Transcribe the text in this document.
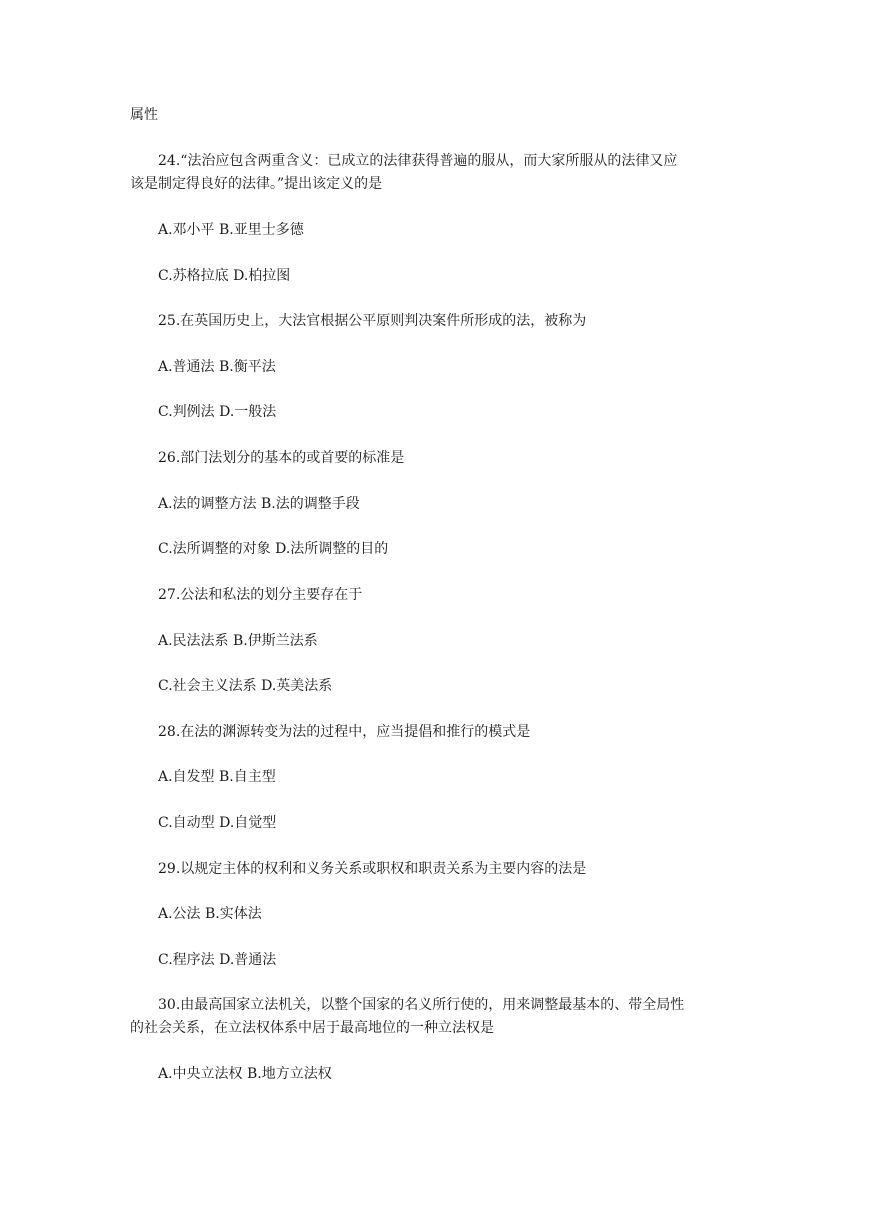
属性
24.“法治应包含两重含义：已成立的法律获得普遍的服从，而大家所服从的法律又应
该是制定得良好的法律。”提出该定义的是
A.邓小平 B.亚里士多德
C.苏格拉底 D.柏拉图
25.在英国历史上，大法官根据公平原则判决案件所形成的法，被称为
A.普通法 B.衡平法
C.判例法 D.一般法
26.部门法划分的基本的或首要的标准是
A.法的调整方法 B.法的调整手段
C.法所调整的对象 D.法所调整的目的
27.公法和私法的划分主要存在于
A.民法法系 B.伊斯兰法系
C.社会主义法系 D.英美法系
28.在法的渊源转变为法的过程中，应当提倡和推行的模式是
A.自发型 B.自主型
C.自动型 D.自觉型
29.以规定主体的权利和义务关系或职权和职责关系为主要内容的法是
A.公法 B.实体法
C.程序法 D.普通法
30.由最高国家立法机关，以整个国家的名义所行使的，用来调整最基本的、带全局性
的社会关系，在立法权体系中居于最高地位的一种立法权是
A.中央立法权 B.地方立法权
